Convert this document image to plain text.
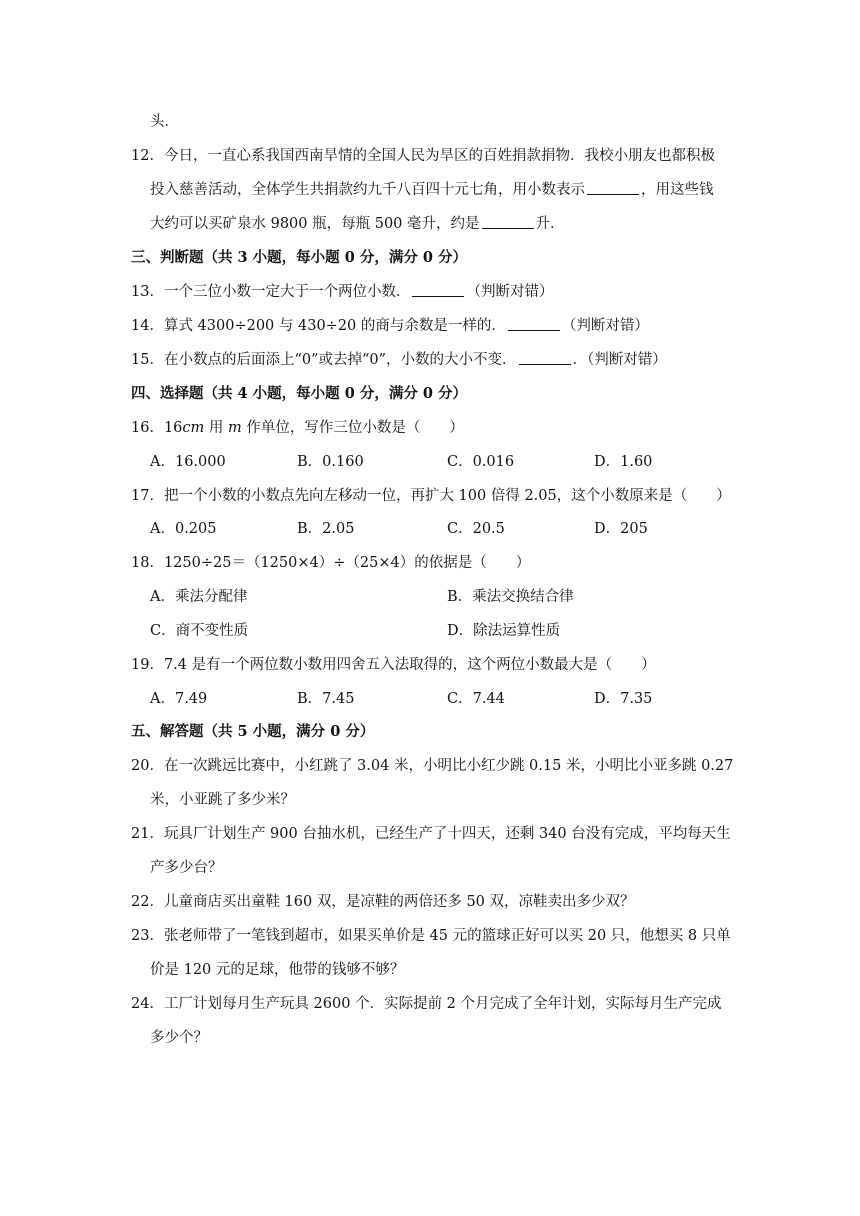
头．
12．今日，一直心系我国西南旱情的全国人民为旱区的百姓捐款捐物．我校小朋友也都积极
投入慈善活动，全体学生共捐款约九千八百四十元七角，用小数表示	，用这些钱
大约可以买矿泉水 9800 瓶，每瓶 500 毫升，约是	升．
三、判断题（共 3 小题，每小题 0 分，满分 0 分）
13．一个三位小数一定大于一个两位小数．	（判断对错）
14．算式 4300÷200 与 430÷20 的商与余数是一样的．	（判断对错）
15．在小数点的后面添上“0”或去掉“0”，小数的大小不变．	．（判断对错）
四、选择题（共 4 小题，每小题 0 分，满分 0 分）
16．16cm 用 m 作单位，写作三位小数是（　　）
A．16.000	B．0.160	C．0.016	D．1.60
17．把一个小数的小数点先向左移动一位，再扩大 100 倍得 2.05，这个小数原来是（　　）
A．0.205	B．2.05	C．20.5	D．205
18．1250÷25＝（1250×4）÷（25×4）的依据是（　　）
A．乘法分配律	B．乘法交换结合律
C．商不变性质	D．除法运算性质
19．7.4 是有一个两位数小数用四舍五入法取得的，这个两位小数最大是（　　）
A．7.49	B．7.45	C．7.44	D．7.35
五、解答题（共 5 小题，满分 0 分）
20．在一次跳远比赛中，小红跳了 3.04 米，小明比小红少跳 0.15 米，小明比小亚多跳 0.27
米，小亚跳了多少米？
21．玩具厂计划生产 900 台抽水机，已经生产了十四天，还剩 340 台没有完成，平均每天生
产多少台？
22．儿童商店买出童鞋 160 双，是凉鞋的两倍还多 50 双，凉鞋卖出多少双？
23．张老师带了一笔钱到超市，如果买单价是 45 元的篮球正好可以买 20 只，他想买 8 只单
价是 120 元的足球，他带的钱够不够？
24．工厂计划每月生产玩具 2600 个．实际提前 2 个月完成了全年计划，实际每月生产完成
多少个？
